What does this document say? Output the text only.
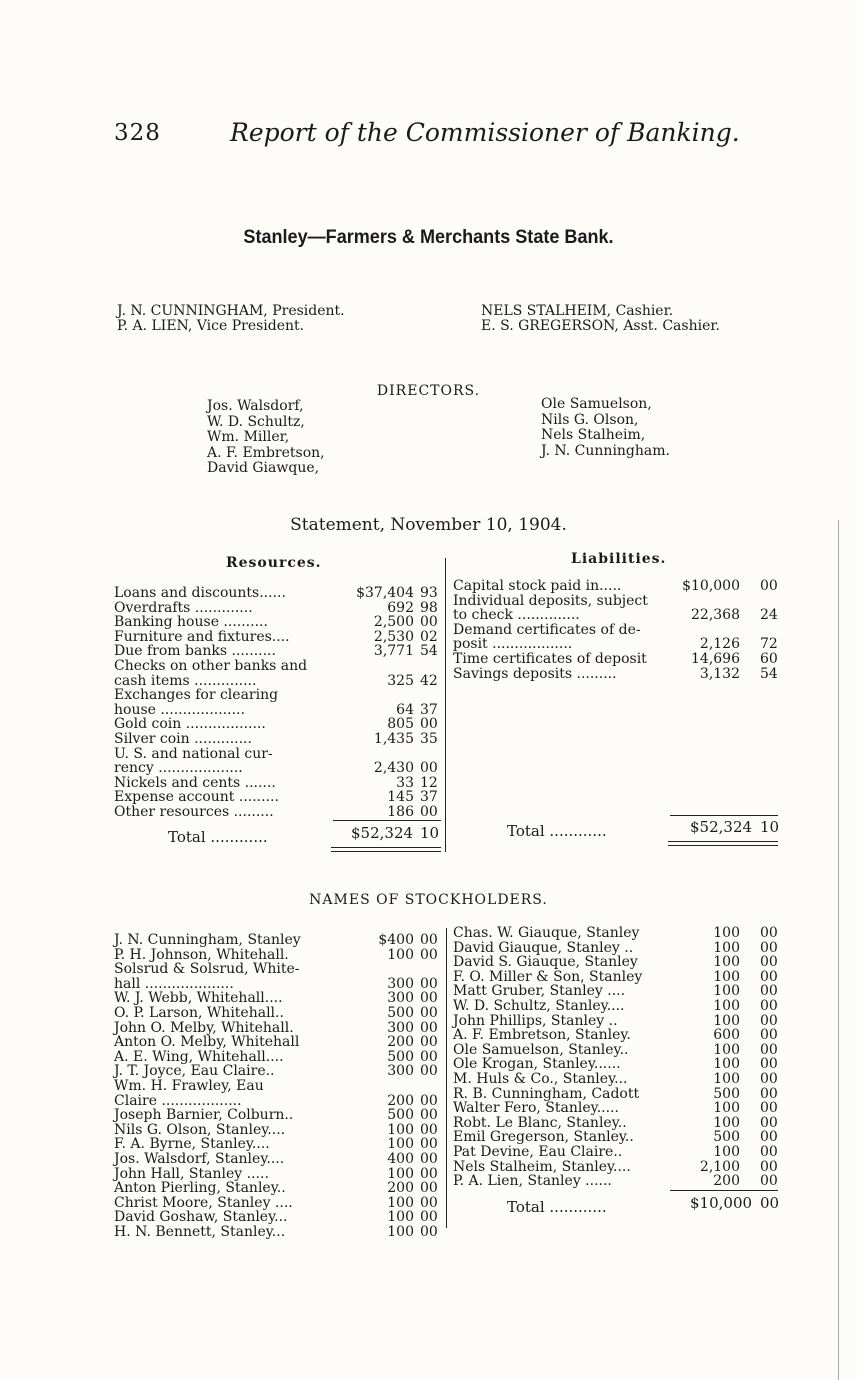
328	Report of the Commissioner of Banking.
Stanley—Farmers & Merchants State Bank.
J. N. CUNNINGHAM, President.
P. A. LIEN, Vice President.
NELS STALHEIM, Cashier.
E. S. GREGERSON, Asst. Cashier.
DIRECTORS.
Jos. Walsdorf,
W. D. Schultz,
Wm. Miller,
A. F. Embretson,
David Giawque,
Ole Samuelson,
Nils G. Olson,
Nels Stalheim,
J. N. Cunningham.
Statement, November 10, 1904.
Resources.	Liabilities.
Loans and discounts......	$37,404 93
Overdrafts .............	692 98
Banking house ..........	2,500 00
Furniture and fixtures....	2,530 02
Due from banks ..........	3,771 54
Checks on other banks and
cash items ..............	325 42
Exchanges for clearing
house ...................	64 37
Gold coin ..................	805 00
Silver coin .............	1,435 35
U. S. and national cur-
rency ...................	2,430 00
Nickels and cents .......	33 12
Expense account .........	145 37
Other resources .........	186 00
Capital stock paid in.....	$10,000 00
Individual deposits, subject
to check ..............	22,368 24
Demand certificates of de-
posit ..................	2,126 72
Time certificates of deposit	14,696 60
Savings deposits .........	3,132 54
Total ............	$52,324 10	Total ............	$52,324 10
NAMES OF STOCKHOLDERS.
J. N. Cunningham, Stanley	$400 00
P. H. Johnson, Whitehall.	100 00
Solsrud & Solsrud, White-
hall ....................	300 00
W. J. Webb, Whitehall....	300 00
O. P. Larson, Whitehall..	500 00
John O. Melby, Whitehall.	300 00
Anton O. Melby, Whitehall	200 00
A. E. Wing, Whitehall....	500 00
J. T. Joyce, Eau Claire..	300 00
Wm. H. Frawley, Eau
Claire ..................	200 00
Joseph Barnier, Colburn..	500 00
Nils G. Olson, Stanley....	100 00
F. A. Byrne, Stanley....	100 00
Jos. Walsdorf, Stanley....	400 00
John Hall, Stanley .....	100 00
Anton Pierling, Stanley..	200 00
Christ Moore, Stanley ....	100 00
David Goshaw, Stanley...	100 00
H. N. Bennett, Stanley...	100 00
Chas. W. Giauque, Stanley	100 00
David Giauque, Stanley ..	100 00
David S. Giauque, Stanley	100 00
F. O. Miller & Son, Stanley	100 00
Matt Gruber, Stanley ....	100 00
W. D. Schultz, Stanley....	100 00
John Phillips, Stanley ..	100 00
A. F. Embretson, Stanley.	600 00
Ole Samuelson, Stanley..	100 00
Ole Krogan, Stanley......	100 00
M. Huls & Co., Stanley...	100 00
R. B. Cunningham, Cadott	500 00
Walter Fero, Stanley.....	100 00
Robt. Le Blanc, Stanley..	100 00
Emil Gregerson, Stanley..	500 00
Pat Devine, Eau Claire..	100 00
Nels Stalheim, Stanley....	2,100 00
P. A. Lien, Stanley ......	200 00
Total ............	$10,000 00
